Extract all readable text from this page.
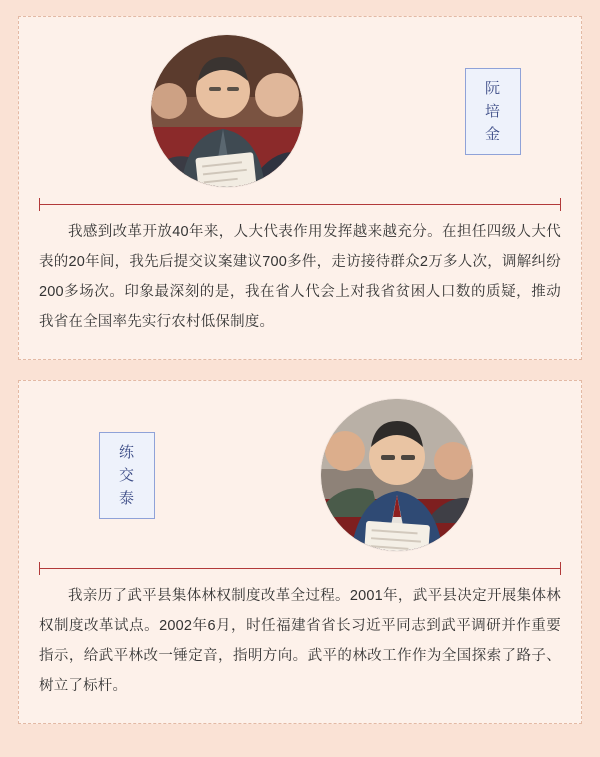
阮
培
金

我感到改革开放40年来，人大代表作用发挥越来越充分。在担任四级人大代表的20年间，我先后提交议案建议700多件，走访接待群众2万多人次，调解纠纷200多场次。印象最深刻的是，我在省人代会上对我省贫困人口数的质疑，推动我省在全国率先实行农村低保制度。

练
交
泰

我亲历了武平县集体林权制度改革全过程。2001年，武平县决定开展集体林权制度改革试点。2002年6月，时任福建省省长习近平同志到武平调研并作重要指示，给武平林改一锤定音，指明方向。武平的林改工作作为全国探索了路子、树立了标杆。
